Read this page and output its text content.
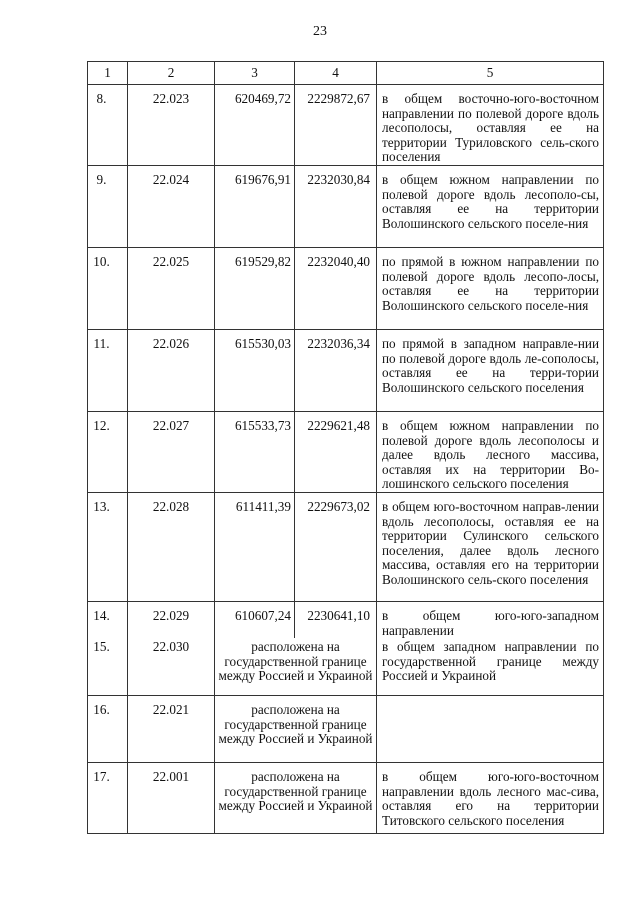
23
1	2	3	4	5
8.	22.023	620469,72	2229872,67	в общем восточно-юго-восточном направлении по полевой дороге вдоль лесополосы, оставляя ее на территории Туриловского сель-ского поселения
9.	22.024	619676,91	2232030,84	в общем южном направлении по полевой дороге вдоль лесополо-сы, оставляя ее на территории Волошинского сельского поселе-ния
10.	22.025	619529,82	2232040,40	по прямой в южном направлении по полевой дороге вдоль лесопо-лосы, оставляя ее на территории Волошинского сельского поселе-ния
11.	22.026	615530,03	2232036,34	по прямой в западном направле-нии по полевой дороге вдоль ле-сополосы, оставляя ее на терри-тории Волошинского сельского поселения
12.	22.027	615533,73	2229621,48	в общем южном направлении по полевой дороге вдоль лесополосы и далее вдоль лесного массива, оставляя их на территории Во-лошинского сельского поселения
13.	22.028	611411,39	2229673,02	в общем юго-восточном направ-лении вдоль лесополосы, оставляя ее на территории Сулинского сельского поселения, далее вдоль лесного массива, оставляя его на территории Волошинского сель-ского поселения
14.	22.029	610607,24	2230641,10	в общем юго-юго-западном направлении
15.	22.030	расположена на государственной границе между Россией и Украиной		в общем западном направлении по государственной границе между Россией и Украиной
16.	22.021	расположена на государственной границе между Россией и Украиной		
17.	22.001	расположена на государственной границе между Россией и Украиной		в общем юго-юго-восточном направлении вдоль лесного мас-сива, оставляя его на территории Титовского сельского поселения
